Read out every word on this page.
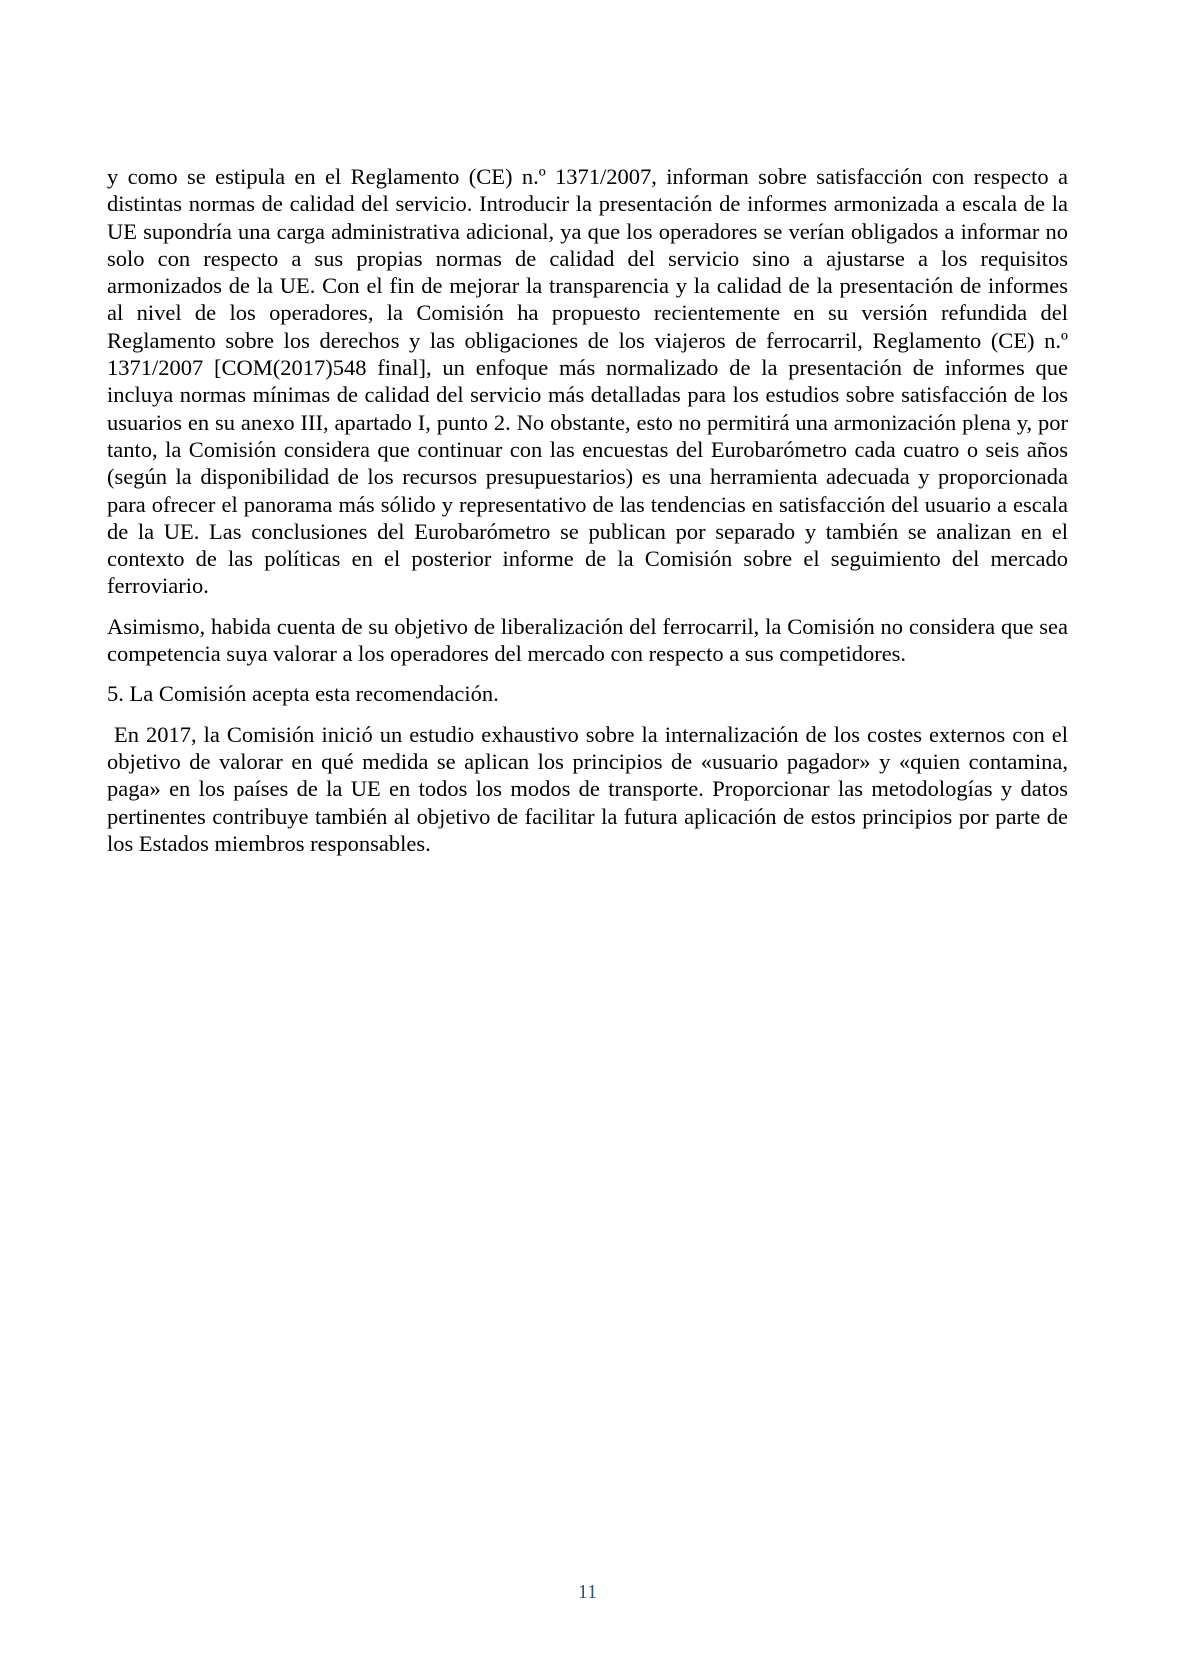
y como se estipula en el Reglamento (CE) n.º 1371/2007, informan sobre satisfacción con respecto a distintas normas de calidad del servicio. Introducir la presentación de informes armonizada a escala de la UE supondría una carga administrativa adicional, ya que los operadores se verían obligados a informar no solo con respecto a sus propias normas de calidad del servicio sino a ajustarse a los requisitos armonizados de la UE. Con el fin de mejorar la transparencia y la calidad de la presentación de informes al nivel de los operadores, la Comisión ha propuesto recientemente en su versión refundida del Reglamento sobre los derechos y las obligaciones de los viajeros de ferrocarril, Reglamento (CE) n.º 1371/2007 [COM(2017)548 final], un enfoque más normalizado de la presentación de informes que incluya normas mínimas de calidad del servicio más detalladas para los estudios sobre satisfacción de los usuarios en su anexo III, apartado I, punto 2. No obstante, esto no permitirá una armonización plena y, por tanto, la Comisión considera que continuar con las encuestas del Eurobarómetro cada cuatro o seis años (según la disponibilidad de los recursos presupuestarios) es una herramienta adecuada y proporcionada para ofrecer el panorama más sólido y representativo de las tendencias en satisfacción del usuario a escala de la UE. Las conclusiones del Eurobarómetro se publican por separado y también se analizan en el contexto de las políticas en el posterior informe de la Comisión sobre el seguimiento del mercado ferroviario.

Asimismo, habida cuenta de su objetivo de liberalización del ferrocarril, la Comisión no considera que sea competencia suya valorar a los operadores del mercado con respecto a sus competidores.

5. La Comisión acepta esta recomendación.

En 2017, la Comisión inició un estudio exhaustivo sobre la internalización de los costes externos con el objetivo de valorar en qué medida se aplican los principios de «usuario pagador» y «quien contamina, paga» en los países de la UE en todos los modos de transporte. Proporcionar las metodologías y datos pertinentes contribuye también al objetivo de facilitar la futura aplicación de estos principios por parte de los Estados miembros responsables.

11
